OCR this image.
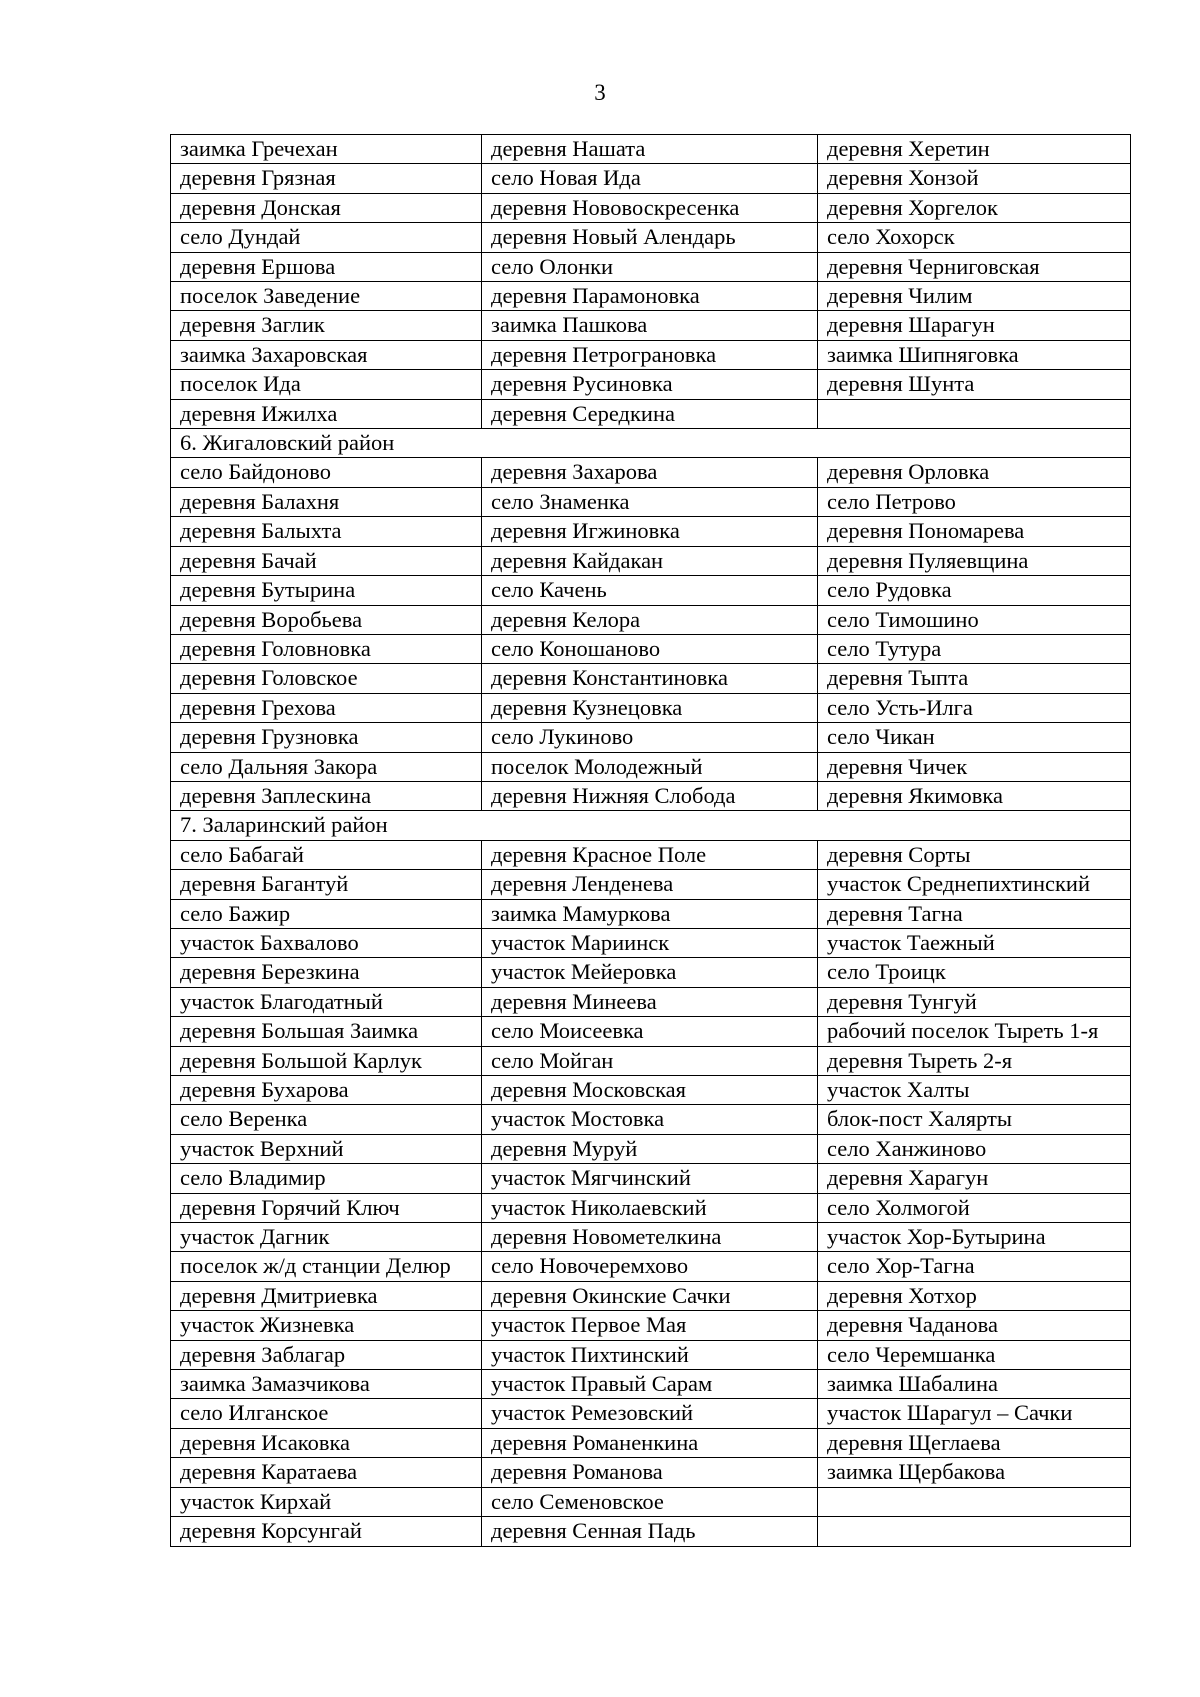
3
заимка Гречехан	деревня Нашата	деревня Херетин
деревня Грязная	село Новая Ида	деревня Хонзой
деревня Донская	деревня Нововоскресенка	деревня Хоргелок
село Дундай	деревня Новый Алендарь	село Хохорск
деревня Ершова	село Олонки	деревня Черниговская
поселок Заведение	деревня Парамоновка	деревня Чилим
деревня Заглик	заимка Пашкова	деревня Шарагун
заимка Захаровская	деревня Петрограновка	заимка Шипняговка
поселок Ида	деревня Русиновка	деревня Шунта
деревня Ижилха	деревня Середкина	
6. Жигаловский район		
село Байдоново	деревня Захарова	деревня Орловка
деревня Балахня	село Знаменка	село Петрово
деревня Балыхта	деревня Игжиновка	деревня Пономарева
деревня Бачай	деревня Кайдакан	деревня Пуляевщина
деревня Бутырина	село Качень	село Рудовка
деревня Воробьева	деревня Келора	село Тимошино
деревня Головновка	село Коношаново	село Тутура
деревня Головское	деревня Константиновка	деревня Тыпта
деревня Грехова	деревня Кузнецовка	село Усть-Илга
деревня Грузновка	село Лукиново	село Чикан
село Дальняя Закора	поселок Молодежный	деревня Чичек
деревня Заплескина	деревня Нижняя Слобода	деревня Якимовка
7. Заларинский район		
село Бабагай	деревня Красное Поле	деревня Сорты
деревня Багантуй	деревня Ленденева	участок Среднепихтинский
село Бажир	заимка Мамуркова	деревня Тагна
участок Бахвалово	участок Мариинск	участок Таежный
деревня Березкина	участок Мейеровка	село Троицк
участок Благодатный	деревня Минеева	деревня Тунгуй
деревня Большая Заимка	село Моисеевка	рабочий поселок Тыреть 1-я
деревня Большой Карлук	село Мойган	деревня Тыреть 2-я
деревня Бухарова	деревня Московская	участок Халты
село Веренка	участок Мостовка	блок-пост Халярты
участок Верхний	деревня Муруй	село Ханжиново
село Владимир	участок Мягчинский	деревня Харагун
деревня Горячий Ключ	участок Николаевский	село Холмогой
участок Дагник	деревня Новометелкина	участок Хор-Бутырина
поселок ж/д станции Делюр	село Новочеремхово	село Хор-Тагна
деревня Дмитриевка	деревня Окинские Сачки	деревня Хотхор
участок Жизневка	участок Первое Мая	деревня Чаданова
деревня Заблагар	участок Пихтинский	село Черемшанка
заимка Замазчикова	участок Правый Сарам	заимка Шабалина
село Илганское	участок Ремезовский	участок Шарагул – Сачки
деревня Исаковка	деревня Романенкина	деревня Щеглаева
деревня Каратаева	деревня Романова	заимка Щербакова
участок Кирхай	село Семеновское	
деревня Корсунгай	деревня Сенная Падь	
